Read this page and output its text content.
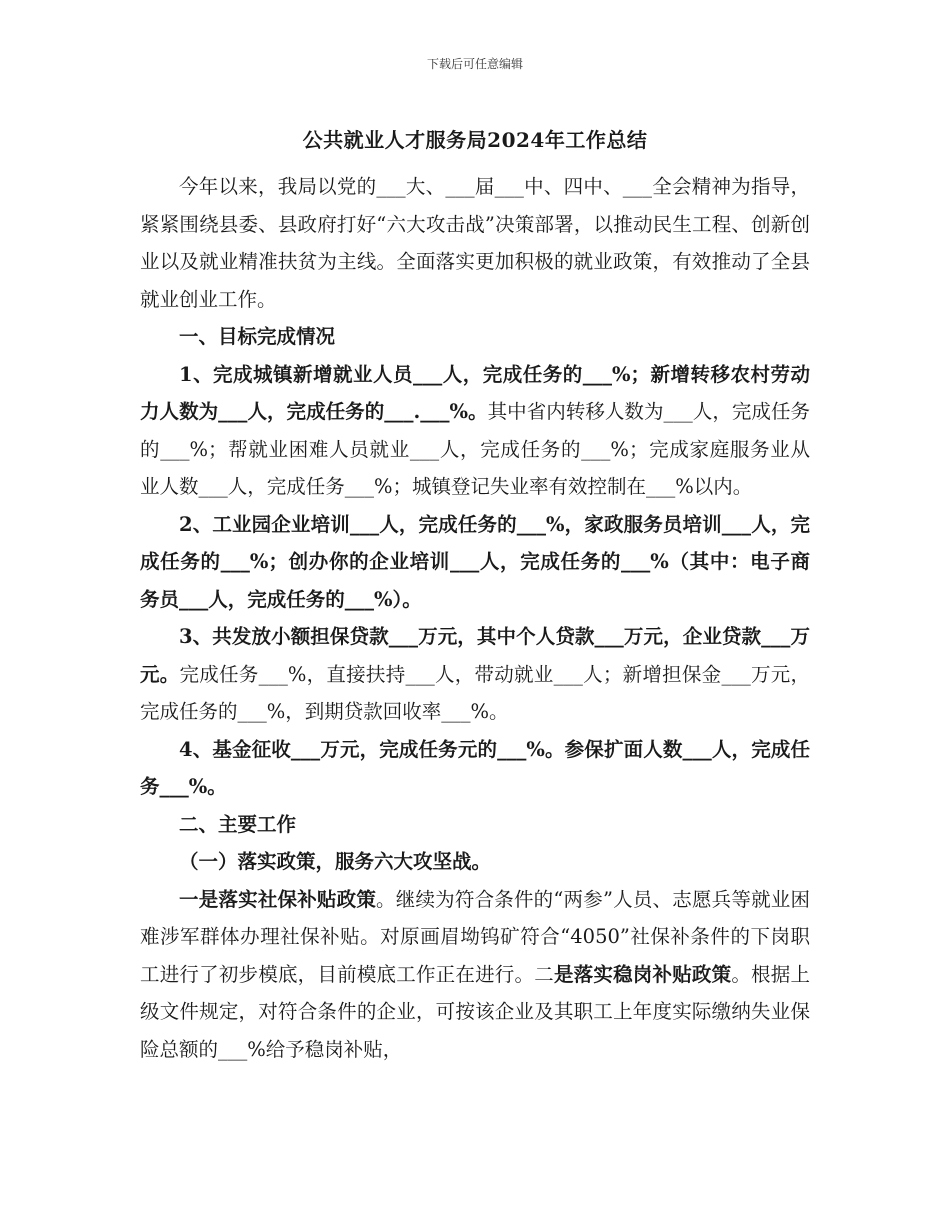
下载后可任意编辑
公共就业人才服务局2024年工作总结

今年以来，我局以党的___大、___届___中、四中、___全会精神为指导，紧紧围绕县委、县政府打好“六大攻击战”决策部署，以推动民生工程、创新创业以及就业精准扶贫为主线。全面落实更加积极的就业政策，有效推动了全县就业创业工作。

一、目标完成情况

1、完成城镇新增就业人员___人，完成任务的___%；新增转移农村劳动力人数为___人，完成任务的___.___%。其中省内转移人数为___人，完成任务的___%；帮就业困难人员就业___人，完成任务的___%；完成家庭服务业从业人数___人，完成任务___%；城镇登记失业率有效控制在___%以内。

2、工业园企业培训___人，完成任务的___%，家政服务员培训___人，完成任务的___%；创办你的企业培训___人，完成任务的___%（其中：电子商务员___人，完成任务的___%）。

3、共发放小额担保贷款___万元，其中个人贷款___万元，企业贷款___万元。完成任务___%，直接扶持___人，带动就业___人；新增担保金___万元，完成任务的___%，到期贷款回收率___%。

4、基金征收___万元，完成任务元的___%。参保扩面人数___人，完成任务___%。

二、主要工作

（一）落实政策，服务六大攻坚战。

一是落实社保补贴政策。继续为符合条件的“两参”人员、志愿兵等就业困难涉军群体办理社保补贴。对原画眉坳钨矿符合“4050”社保补条件的下岗职工进行了初步模底，目前模底工作正在进行。二是落实稳岗补贴政策。根据上级文件规定，对符合条件的企业，可按该企业及其职工上年度实际缴纳失业保险总额的___%给予稳岗补贴，
